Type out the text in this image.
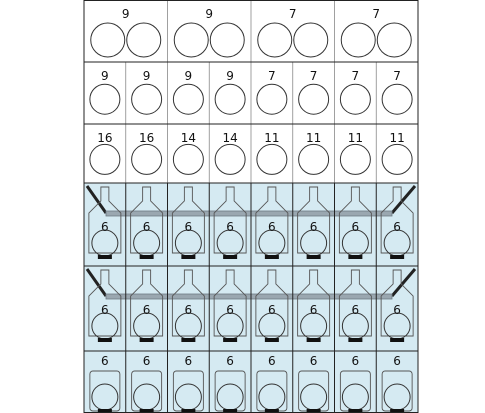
9	9	7	7
9	9	9	9	7	7	7	7
16 16 14 14 11 11 11 11
6	6	6	6	6	6	6	6
6	6	6	6	6	6	6	6
6	6	6	6	6	6	6	6
